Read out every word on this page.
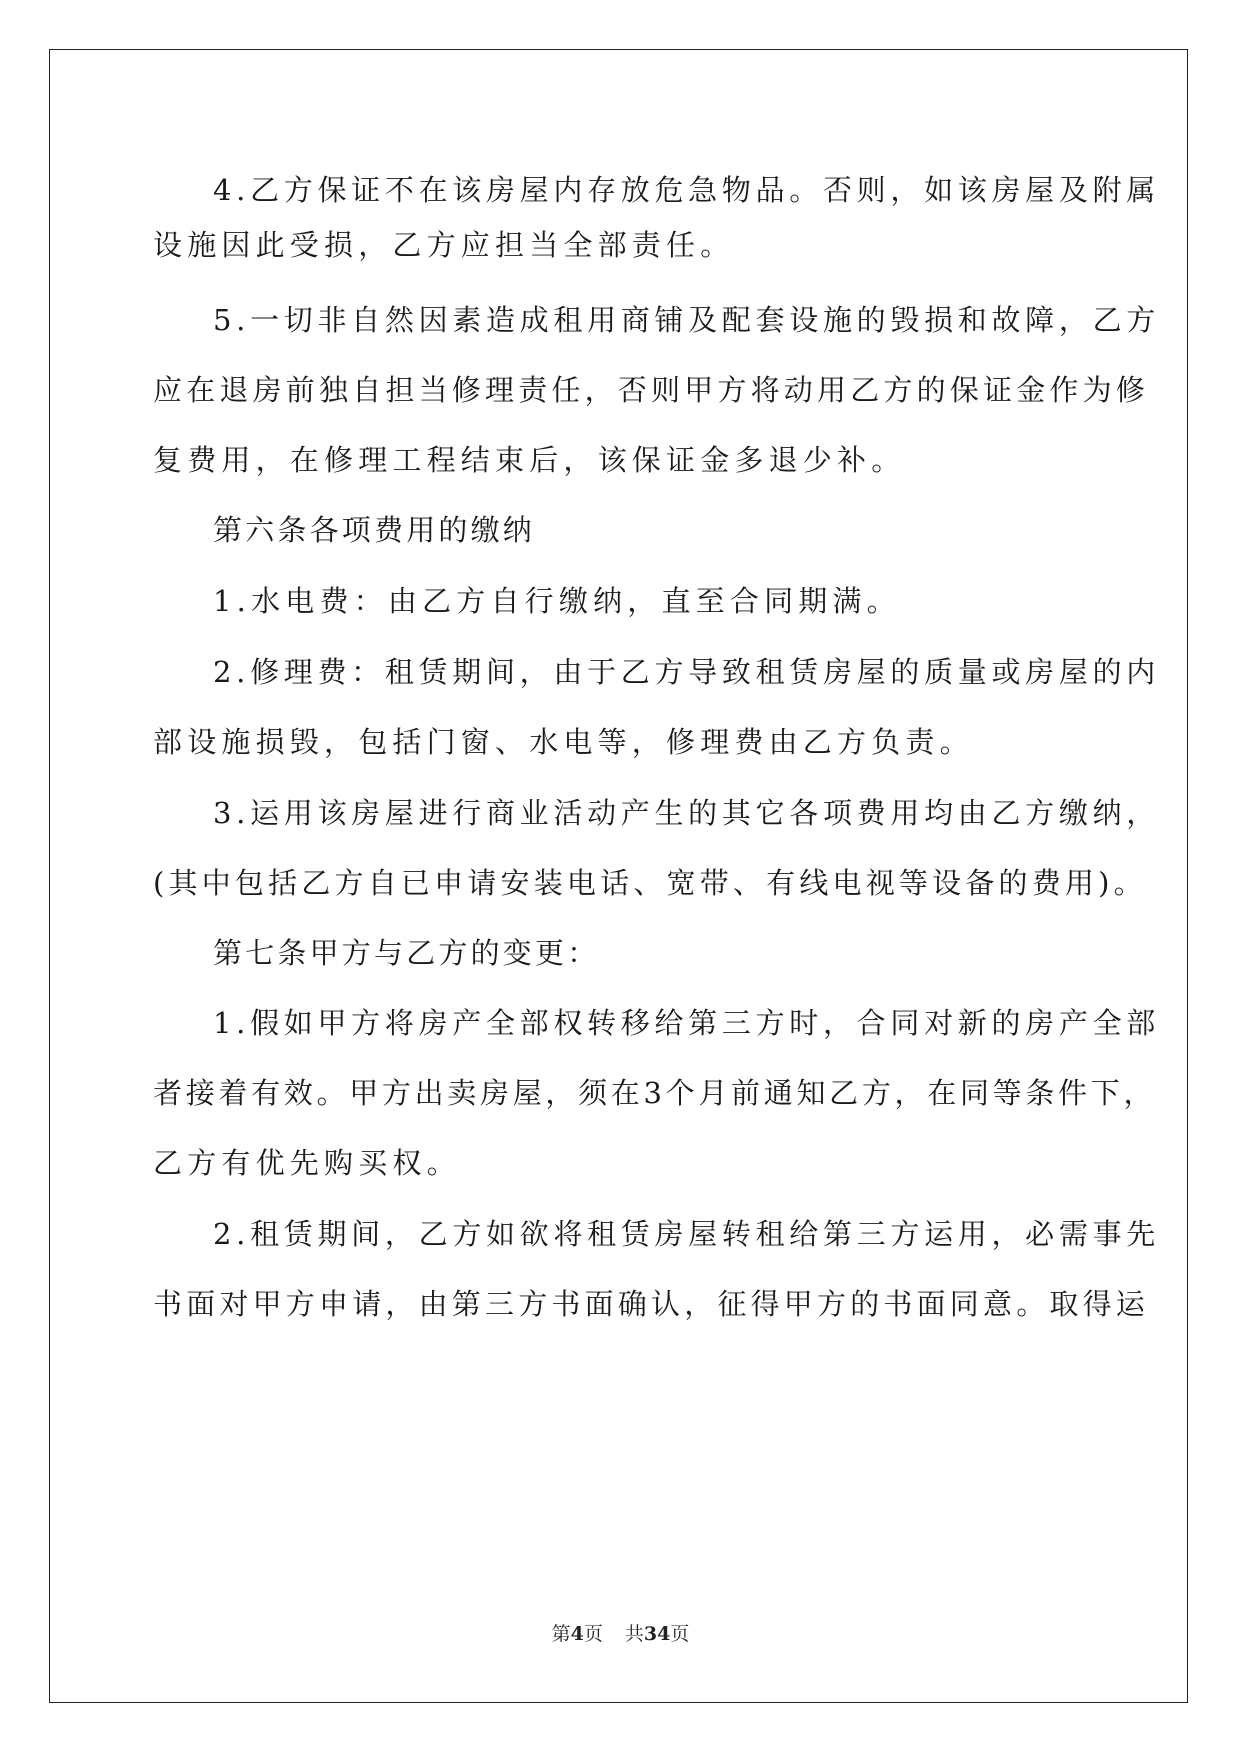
4.乙方保证不在该房屋内存放危急物品。否则，如该房屋及附属
设施因此受损，乙方应担当全部责任。
5.一切非自然因素造成租用商铺及配套设施的毁损和故障，乙方
应在退房前独自担当修理责任，否则甲方将动用乙方的保证金作为修
复费用，在修理工程结束后，该保证金多退少补。
第六条各项费用的缴纳
1.水电费：由乙方自行缴纳，直至合同期满。
2.修理费：租赁期间，由于乙方导致租赁房屋的质量或房屋的内
部设施损毁，包括门窗、水电等，修理费由乙方负责。
3.运用该房屋进行商业活动产生的其它各项费用均由乙方缴纳，
(其中包括乙方自已申请安装电话、宽带、有线电视等设备的费用)。
第七条甲方与乙方的变更：
1.假如甲方将房产全部权转移给第三方时，合同对新的房产全部
者接着有效。甲方出卖房屋，须在3个月前通知乙方，在同等条件下，
乙方有优先购买权。
2.租赁期间，乙方如欲将租赁房屋转租给第三方运用，必需事先
书面对甲方申请，由第三方书面确认，征得甲方的书面同意。取得运
第4页 共34页
